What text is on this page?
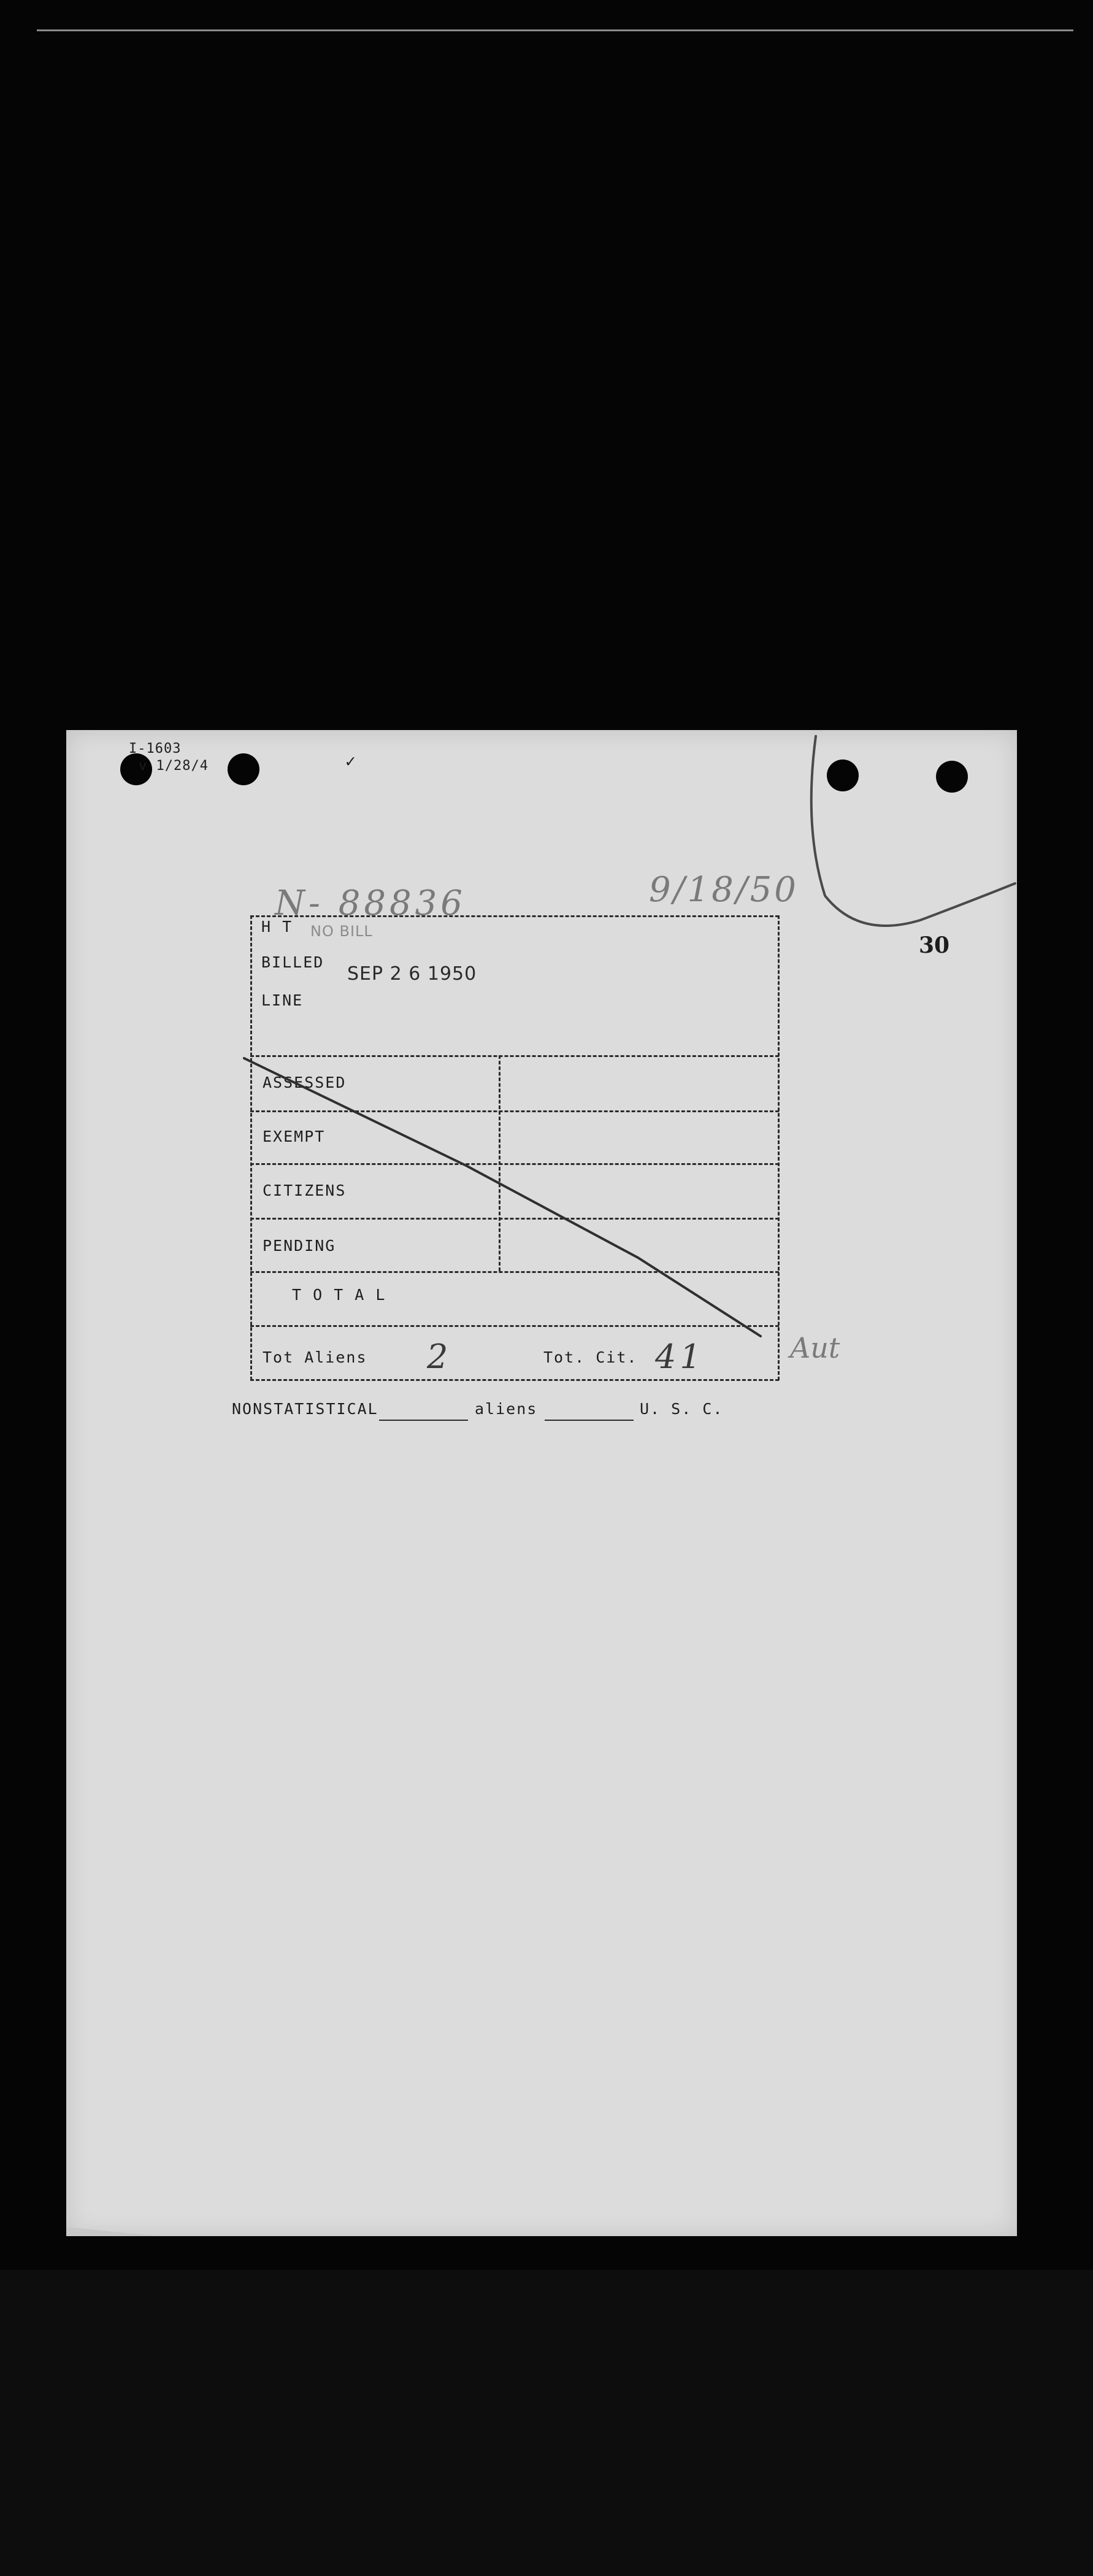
I-1603
v 1/28/4	✓
30
N- 88836	9/18/50
H T NO BILL
BILLED
SEP 2 6 1950
LINE
ASSESSED
EXEMPT
CITIZENS
PENDING
T O T A L
Tot Aliens 2	Tot. Cit. 41	Aut
NONSTATISTICAL	aliens	U. S. C.
